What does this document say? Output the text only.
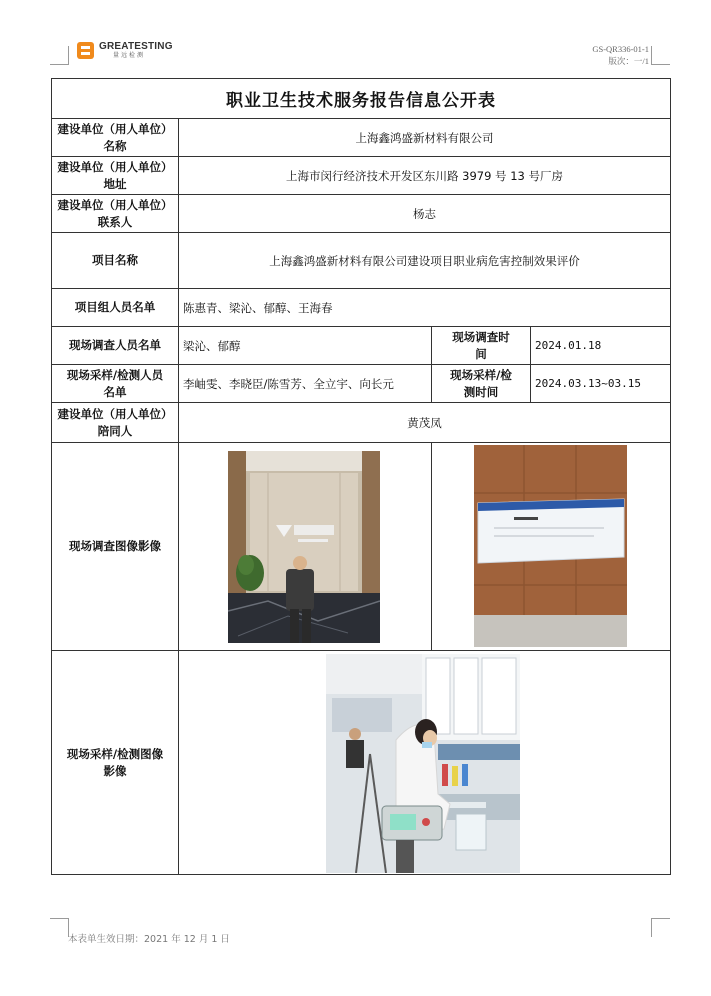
GREATESTING
量远检测
GS-QR336-01-1
版次：一/1
职业卫生技术服务报告信息公开表			
建设单位（用人单位）名称	上海鑫鸿盛新材料有限公司		
建设单位（用人单位）地址	上海市闵行经济技术开发区东川路 3979 号 13 号厂房		
建设单位（用人单位）联系人	杨志		
项目名称	上海鑫鸿盛新材料有限公司建设项目职业病危害控制效果评价		
项目组人员名单	陈惠青、梁沁、郁醇、王海春		
现场调查人员名单	梁沁、郁醇	现场调查时间	2024.01.18
现场采样/检测人员名单	李岫雯、李晓臣/陈雪芳、全立宇、向长元	现场采样/检测时间	2024.03.13~03.15
建设单位（用人单位）陪同人	黄茂凤		
现场调查图像影像			
现场采样/检测图像影像			
本表单生效日期：2021 年 12 月 1 日
